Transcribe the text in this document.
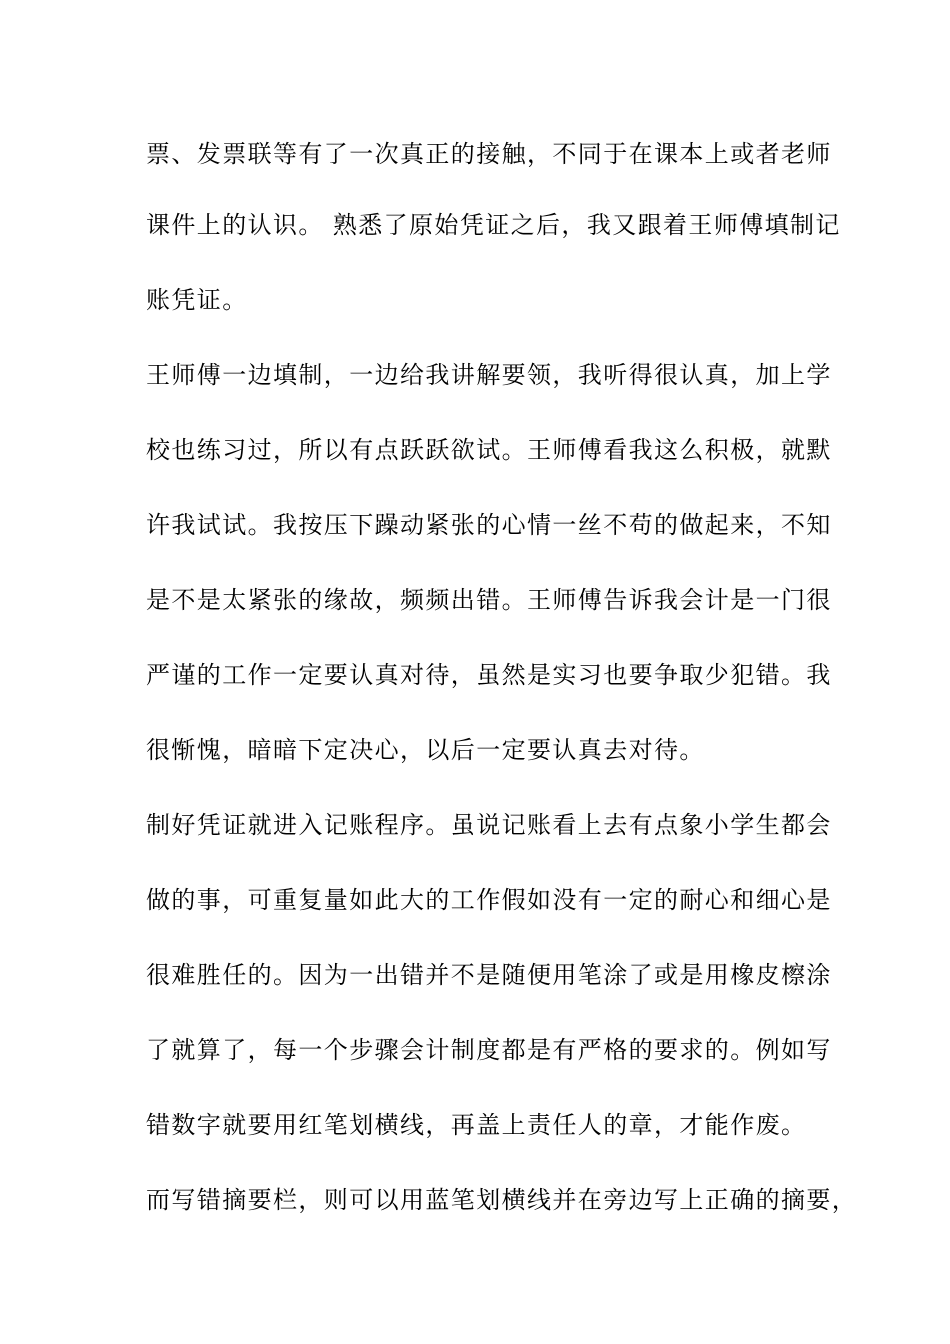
票、发票联等有了一次真正的接触，不同于在课本上或者老师
课件上的认识。 熟悉了原始凭证之后，我又跟着王师傅填制记
账凭证。
王师傅一边填制，一边给我讲解要领，我听得很认真，加上学
校也练习过，所以有点跃跃欲试。王师傅看我这么积极，就默
许我试试。我按压下躁动紧张的心情一丝不苟的做起来，不知
是不是太紧张的缘故，频频出错。王师傅告诉我会计是一门很
严谨的工作一定要认真对待，虽然是实习也要争取少犯错。我
很惭愧，暗暗下定决心，以后一定要认真去对待。
制好凭证就进入记账程序。虽说记账看上去有点象小学生都会
做的事，可重复量如此大的工作假如没有一定的耐心和细心是
很难胜任的。因为一出错并不是随便用笔涂了或是用橡皮檫涂
了就算了，每一个步骤会计制度都是有严格的要求的。例如写
错数字就要用红笔划横线，再盖上责任人的章，才能作废。
而写错摘要栏，则可以用蓝笔划横线并在旁边写上正确的摘要，
